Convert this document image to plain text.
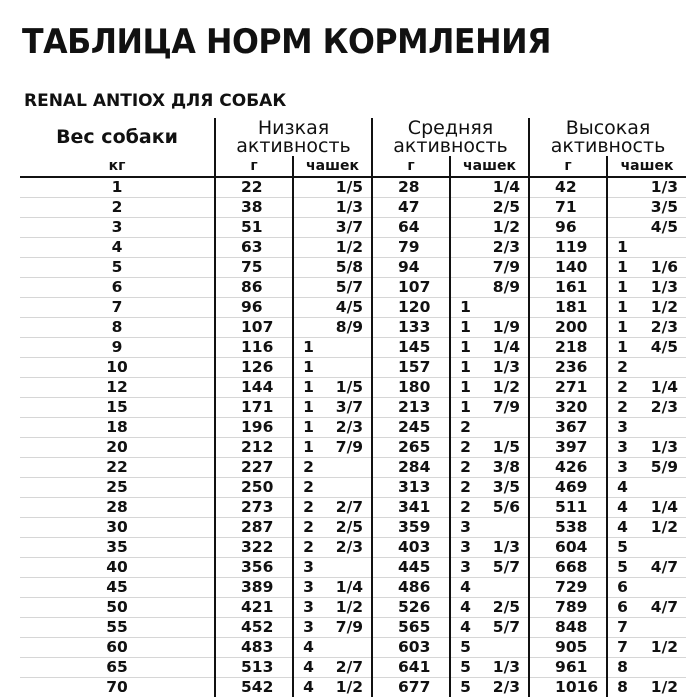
ТАБЛИЦА НОРМ КОРМЛЕНИЯ
RENAL ANTIOX ДЛЯ СОБАК
Вес собаки	Низкая
активность			Средняя
активность			Высокая
активность		
кг	г	чашек		г	чашек		г	чашек	
1	22		1/5	28		1/4	42		1/3
2	38		1/3	47		2/5	71		3/5
3	51		3/7	64		1/2	96		4/5
4	63		1/2	79		2/3	119	1	
5	75		5/8	94		7/9	140	1	1/6
6	86		5/7	107		8/9	161	1	1/3
7	96		4/5	120	1		181	1	1/2
8	107		8/9	133	1	1/9	200	1	2/3
9	116	1		145	1	1/4	218	1	4/5
10	126	1		157	1	1/3	236	2	
12	144	1	1/5	180	1	1/2	271	2	1/4
15	171	1	3/7	213	1	7/9	320	2	2/3
18	196	1	2/3	245	2		367	3	
20	212	1	7/9	265	2	1/5	397	3	1/3
22	227	2		284	2	3/8	426	3	5/9
25	250	2		313	2	3/5	469	4	
28	273	2	2/7	341	2	5/6	511	4	1/4
30	287	2	2/5	359	3		538	4	1/2
35	322	2	2/3	403	3	1/3	604	5	
40	356	3		445	3	5/7	668	5	4/7
45	389	3	1/4	486	4		729	6	
50	421	3	1/2	526	4	2/5	789	6	4/7
55	452	3	7/9	565	4	5/7	848	7	
60	483	4		603	5		905	7	1/2
65	513	4	2/7	641	5	1/3	961	8	
70	542	4	1/2	677	5	2/3	1016	8	1/2
